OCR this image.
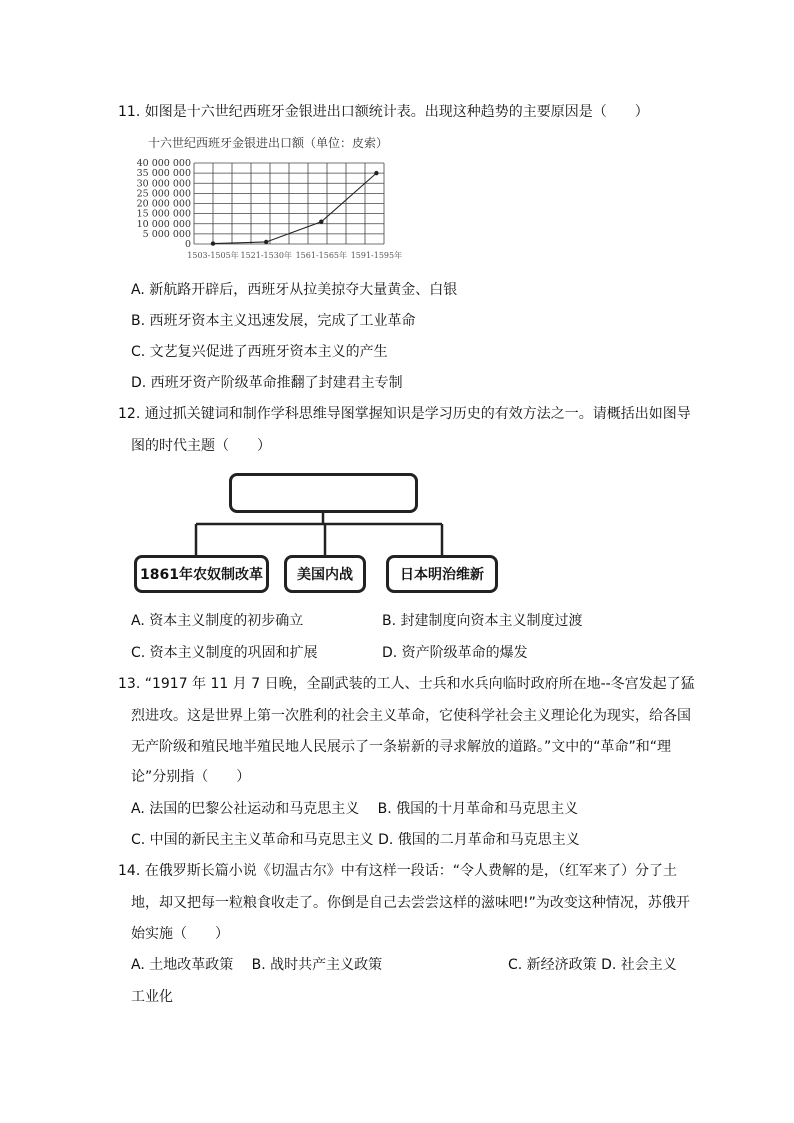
11. 如图是十六世纪西班牙金银进出口额统计表。出现这种趋势的主要原因是（　　）
十六世纪西班牙金银进出口额（单位：皮索）
40 000 000
35 000 000
30 000 000
25 000 000
20 000 000
15 000 000
10 000 000
5 000 000
0
1503-1505年 1521-1530年 1561-1565年 1591-1595年
A. 新航路开辟后，西班牙从拉美掠夺大量黄金、白银
B. 西班牙资本主义迅速发展，完成了工业革命
C. 文艺复兴促进了西班牙资本主义的产生
D. 西班牙资产阶级革命推翻了封建君主专制
12. 通过抓关键词和制作学科思维导图掌握知识是学习历史的有效方法之一。请概括出如图导
图的时代主题（　　）
1861年农奴制改革	美国内战	日本明治维新
A. 资本主义制度的初步确立	B. 封建制度向资本主义制度过渡
C. 资本主义制度的巩固和扩展	D. 资产阶级革命的爆发
13. “1917 年 11 月 7 日晚，全副武装的工人、士兵和水兵向临时政府所在地--冬宫发起了猛
烈进攻。这是世界上第一次胜利的社会主义革命，它使科学社会主义理论化为现实，给各国
无产阶级和殖民地半殖民地人民展示了一条崭新的寻求解放的道路。”文中的“革命”和“理
论”分别指（　　）
A. 法国的巴黎公社运动和马克思主义　 B. 俄国的十月革命和马克思主义
C. 中国的新民主主义革命和马克思主义 D. 俄国的二月革命和马克思主义
14. 在俄罗斯长篇小说《切温古尔》中有这样一段话：“令人费解的是，（红军来了）分了土
地，却又把每一粒粮食收走了。你倒是自己去尝尝这样的滋味吧!”为改变这种情况，苏俄开
始实施（　　）
A. 土地改革政策　 B. 战时共产主义政策	C. 新经济政策 D. 社会主义
工业化
